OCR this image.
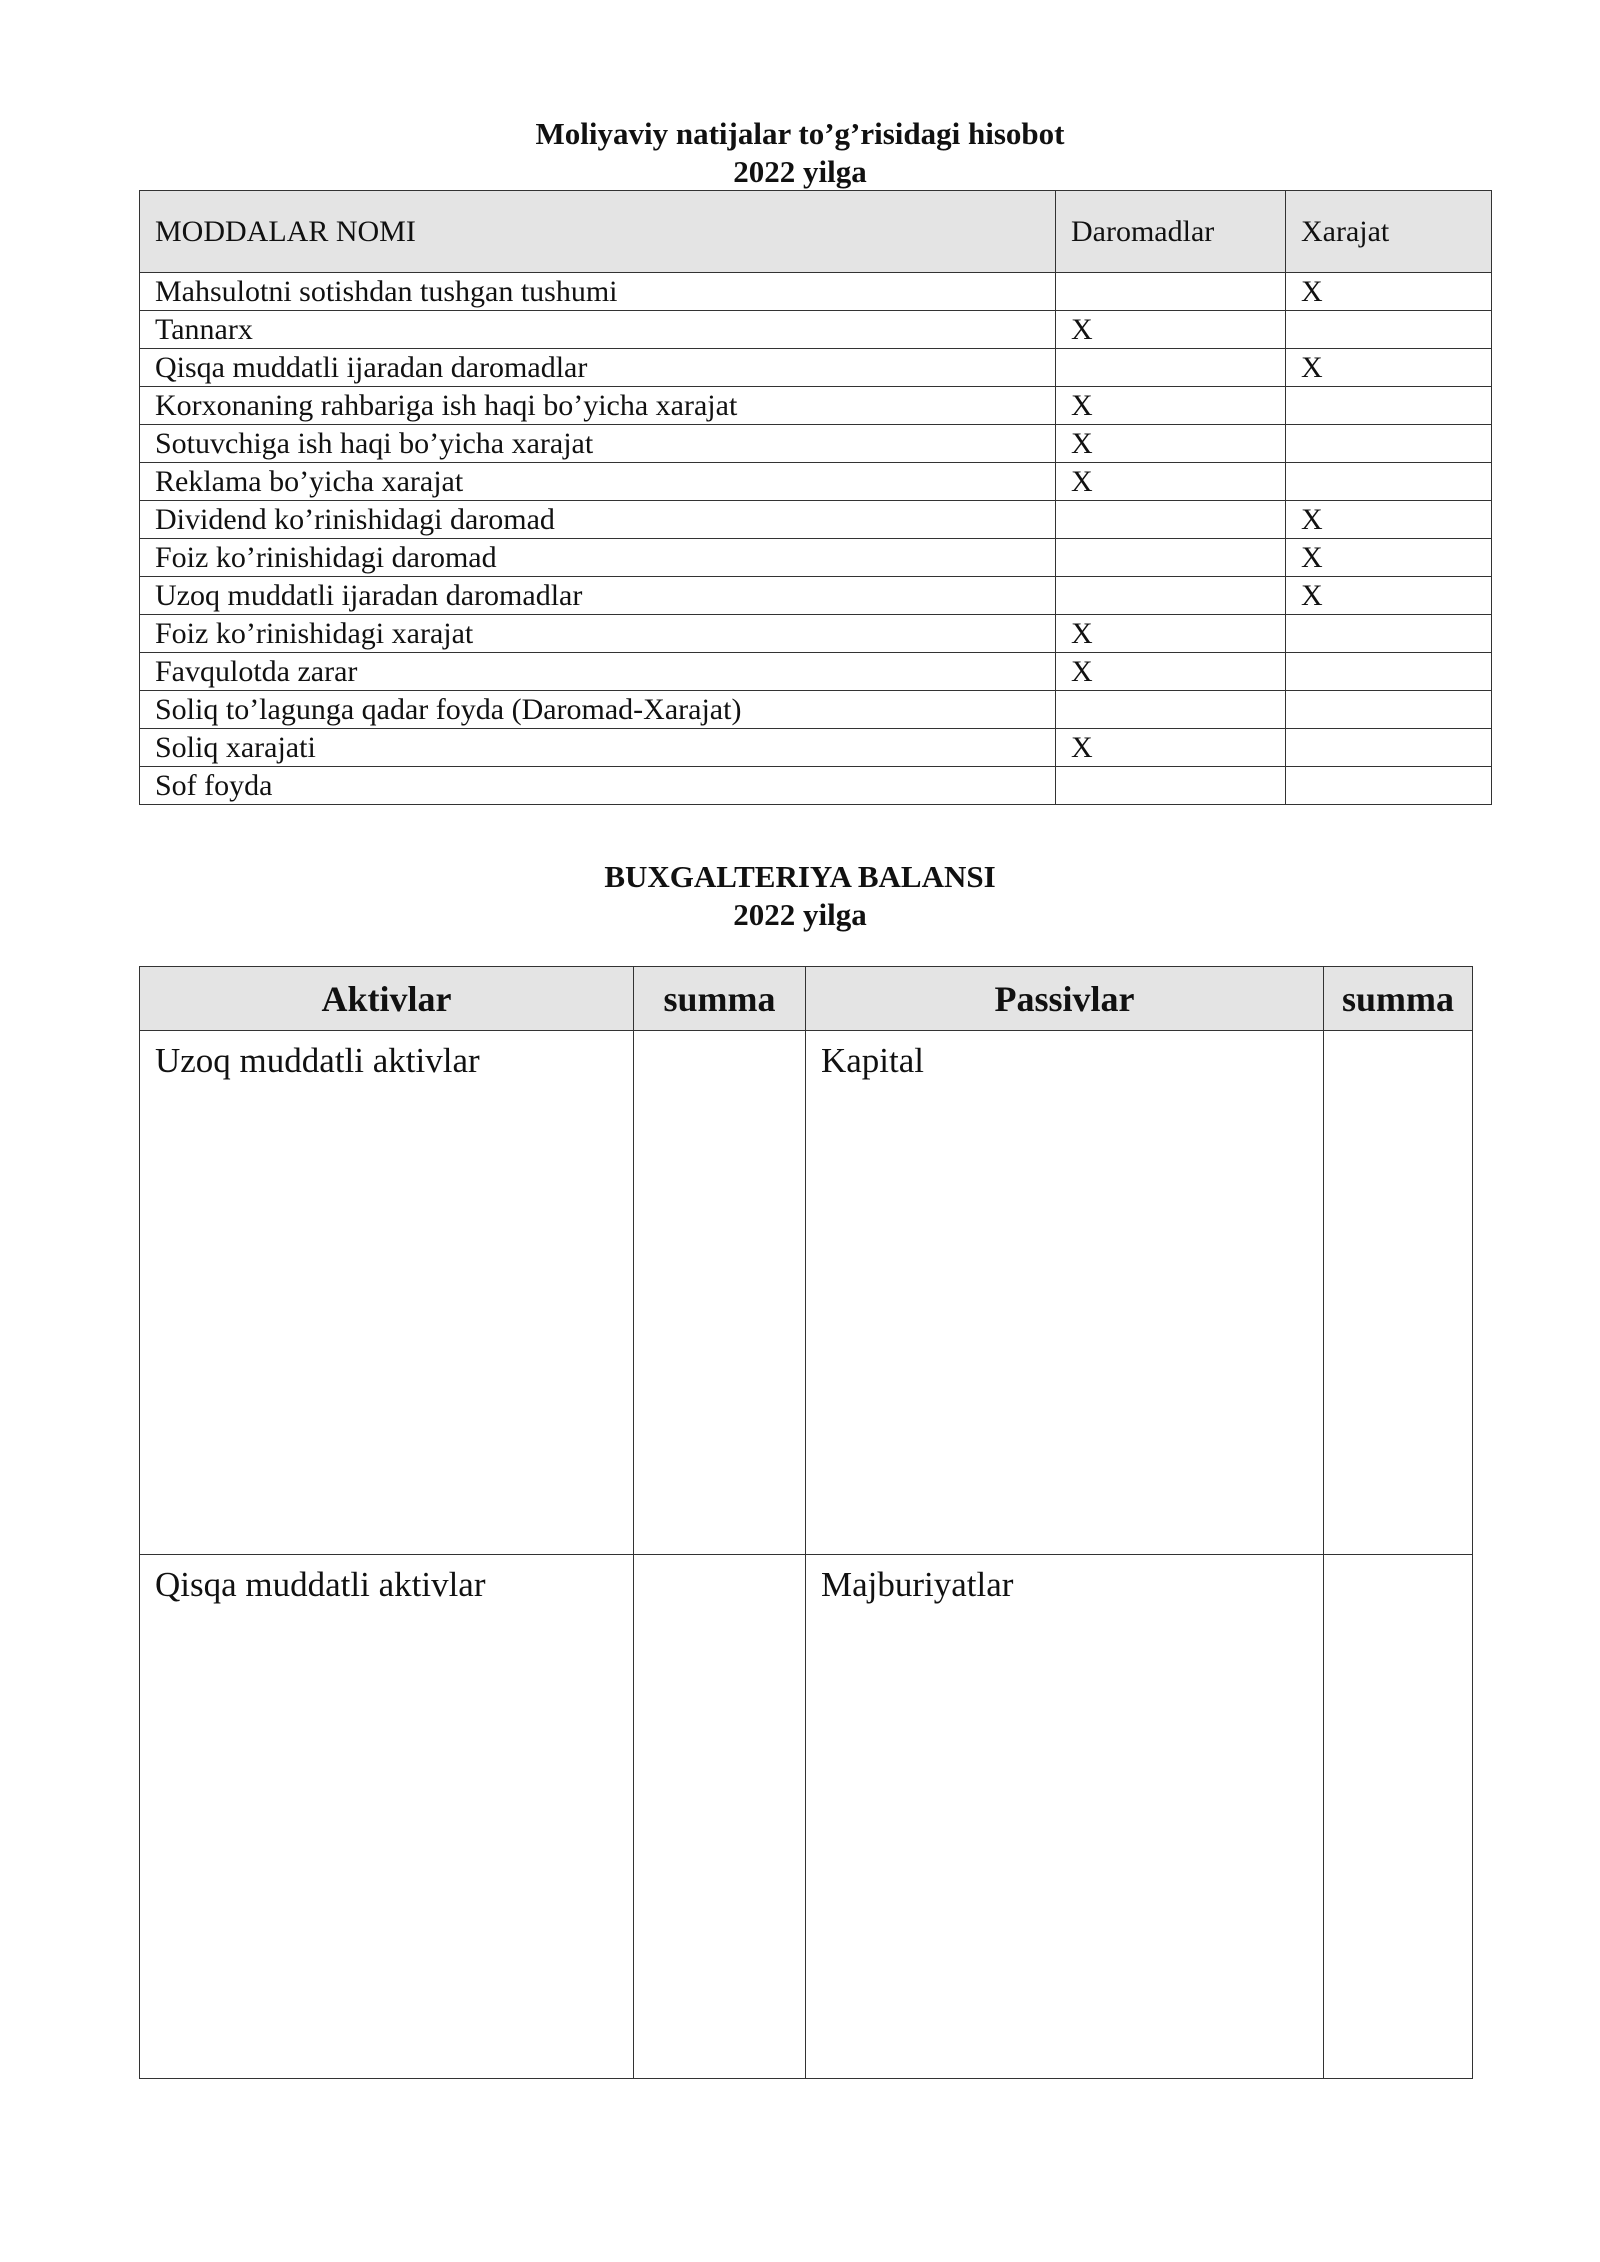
Moliyaviy natijalar to’g’risidagi hisobot
2022 yilga
MODDALAR NOMI	Daromadlar	Xarajat
Mahsulotni sotishdan tushgan tushumi		X
Tannarx	X	
Qisqa muddatli ijaradan daromadlar		X
Korxonaning rahbariga ish haqi bo’yicha xarajat	X	
Sotuvchiga ish haqi bo’yicha xarajat	X	
Reklama bo’yicha xarajat	X	
Dividend ko’rinishidagi daromad		X
Foiz ko’rinishidagi daromad		X
Uzoq muddatli ijaradan daromadlar		X
Foiz ko’rinishidagi xarajat	X	
Favqulotda zarar	X	
Soliq to’lagunga qadar foyda (Daromad-Xarajat)		
Soliq xarajati	X	
Sof foyda		
BUXGALTERIYA BALANSI
2022 yilga
Aktivlar	summa	Passivlar	summa
Uzoq muddatli aktivlar		Kapital	
Qisqa muddatli aktivlar		Majburiyatlar	
